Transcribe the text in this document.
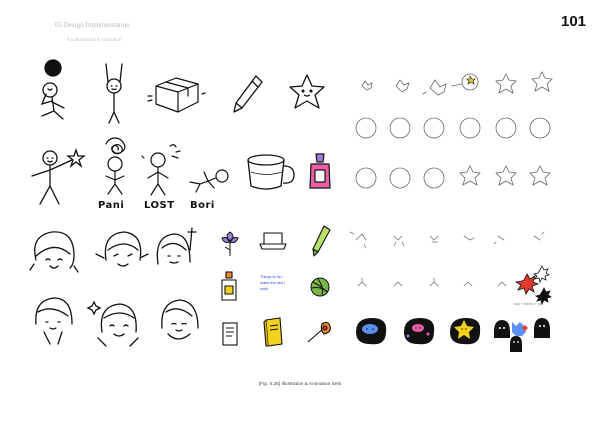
05 Design Implementation
5.5 Illustration & Animation
101
Pani LOST Bori
Things to try / make the bed / work
scy + bored + yk
[Fig. 5.26] Illustration & Animation Sets
